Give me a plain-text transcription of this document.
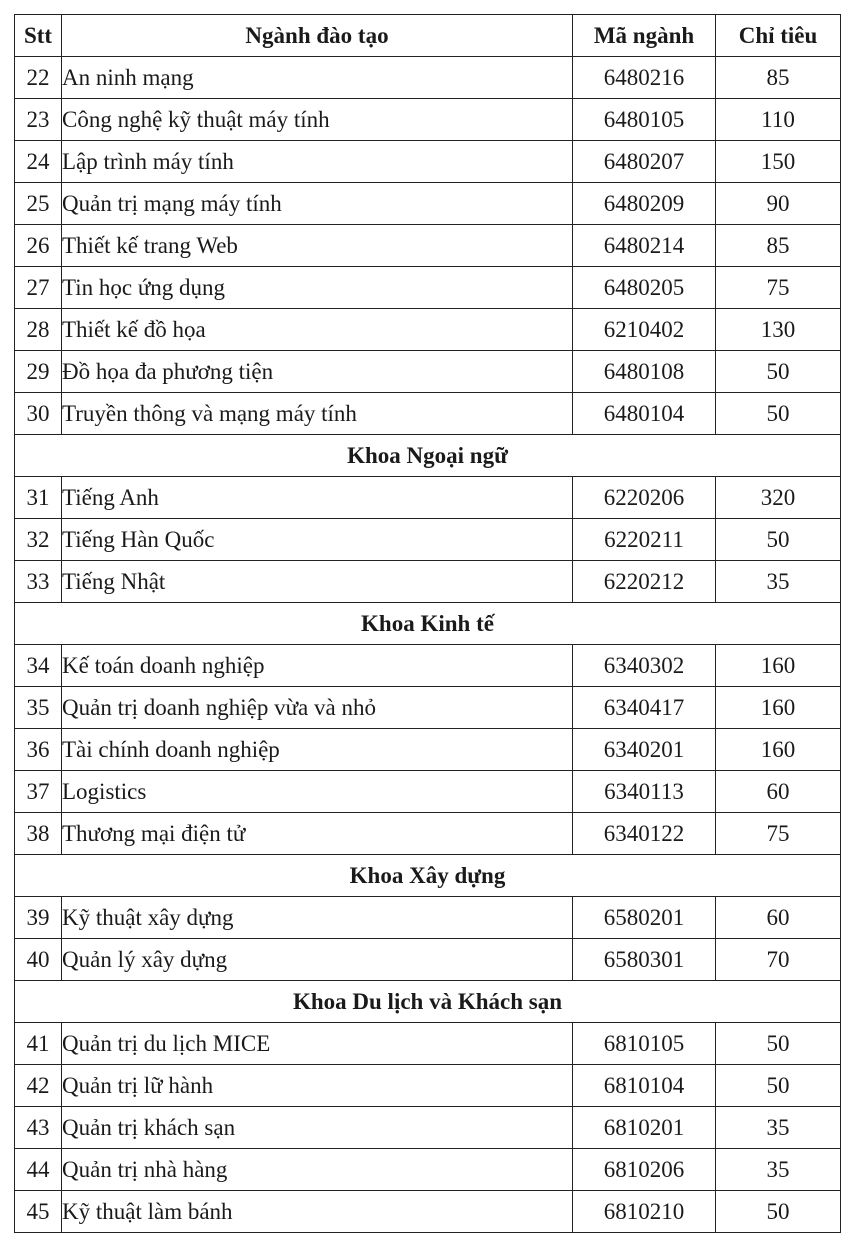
Stt	Ngành đào tạo	Mã ngành	Chỉ tiêu
22	An ninh mạng	6480216	85
23	Công nghệ kỹ thuật máy tính	6480105	110
24	Lập trình máy tính	6480207	150
25	Quản trị mạng máy tính	6480209	90
26	Thiết kế trang Web	6480214	85
27	Tin học ứng dụng	6480205	75
28	Thiết kế đồ họa	6210402	130
29	Đồ họa đa phương tiện	6480108	50
30	Truyền thông và mạng máy tính	6480104	50
Khoa Ngoại ngữ			
31	Tiếng Anh	6220206	320
32	Tiếng Hàn Quốc	6220211	50
33	Tiếng Nhật	6220212	35
Khoa Kinh tế			
34	Kế toán doanh nghiệp	6340302	160
35	Quản trị doanh nghiệp vừa và nhỏ	6340417	160
36	Tài chính doanh nghiệp	6340201	160
37	Logistics	6340113	60
38	Thương mại điện tử	6340122	75
Khoa Xây dựng			
39	Kỹ thuật xây dựng	6580201	60
40	Quản lý xây dựng	6580301	70
Khoa Du lịch và Khách sạn			
41	Quản trị du lịch MICE	6810105	50
42	Quản trị lữ hành	6810104	50
43	Quản trị khách sạn	6810201	35
44	Quản trị nhà hàng	6810206	35
45	Kỹ thuật làm bánh	6810210	50
